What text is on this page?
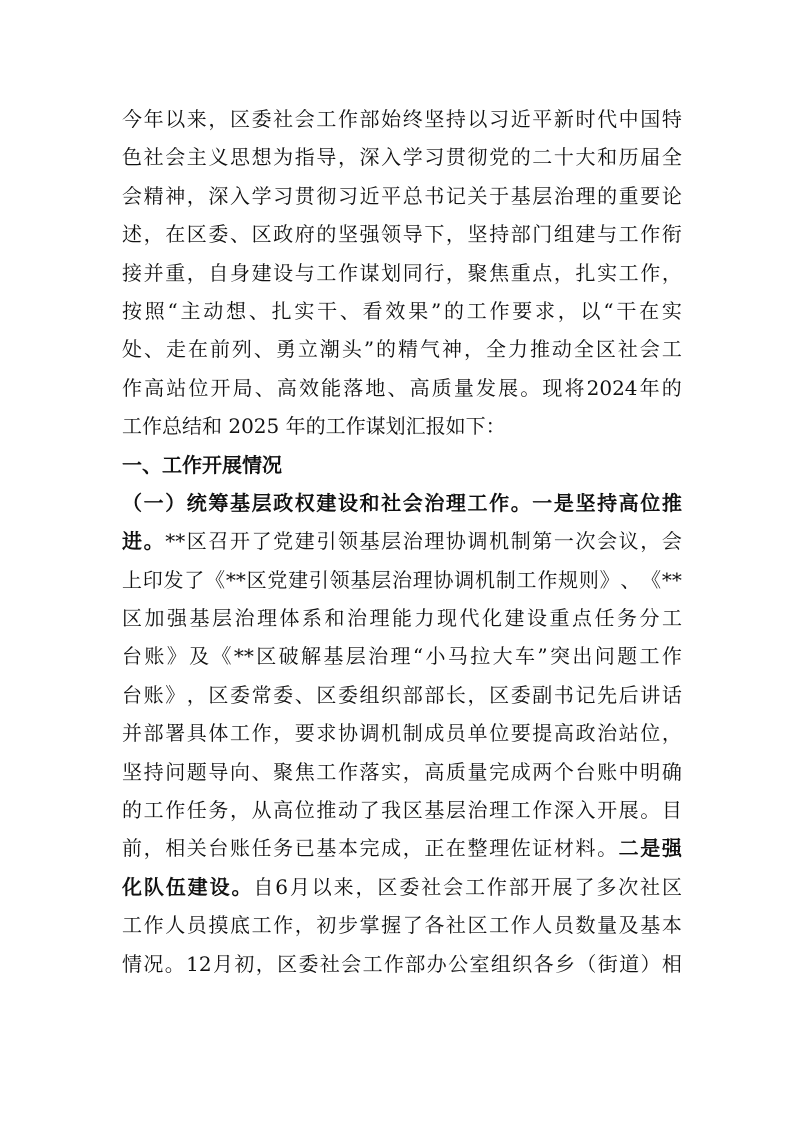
今 年 以 来 ， 区 委 社 会 工 作 部 始 终 坚 持 以 习 近 平 新 时 代 中 国 特
色 社 会 主 义 思 想 为 指 导 ， 深 入 学 习 贯 彻 党 的 二 十 大 和 历 届 全
会 精 神 ， 深 入 学 习 贯 彻 习 近 平 总 书 记 关 于 基 层 治 理 的 重 要 论
述 ， 在 区 委 、 区 政 府 的 坚 强 领 导 下 ， 坚 持 部 门 组 建 与 工 作 衔
接 并 重 ， 自 身 建 设 与 工 作 谋 划 同 行 ， 聚 焦 重 点 ， 扎 实 工 作 ，
按 照 “ 主 动 想 、 扎 实 干 、 看 效 果 ” 的 工 作 要 求 ， 以 “ 干 在 实
处 、 走 在 前 列 、 勇 立 潮 头 ” 的 精 气 神 ， 全 力 推 动 全 区 社 会 工
作 高 站 位 开 局 、 高 效 能 落 地 、 高 质 量 发 展 。 现 将 2024 年 的
工作总结和 2025 年的工作谋划汇报如下：
一、工作开展情况
（ 一 ） 统 筹 基 层 政 权 建 设 和 社 会 治 理 工 作 。 一 是 坚 持 高 位 推
进 。 ** 区 召 开 了 党 建 引 领 基 层 治 理 协 调 机 制 第 一 次 会 议 ， 会
上 印 发 了 《 ** 区 党 建 引 领 基 层 治 理 协 调 机 制 工 作 规 则 》 、 《 **
区 加 强 基 层 治 理 体 系 和 治 理 能 力 现 代 化 建 设 重 点 任 务 分 工
台 账 》 及 《 ** 区 破 解 基 层 治 理 “ 小 马 拉 大 车 ” 突 出 问 题 工 作
台 账 》 ， 区 委 常 委 、 区 委 组 织 部 部 长 ， 区 委 副 书 记 先 后 讲 话
并 部 署 具 体 工 作 ， 要 求 协 调 机 制 成 员 单 位 要 提 高 政 治 站 位 ，
坚 持 问 题 导 向 、 聚 焦 工 作 落 实 ， 高 质 量 完 成 两 个 台 账 中 明 确
的 工 作 任 务 ， 从 高 位 推 动 了 我 区 基 层 治 理 工 作 深 入 开 展 。 目
前 ， 相 关 台 账 任 务 已 基 本 完 成 ， 正 在 整 理 佐 证 材 料 。 二 是 强
化 队 伍 建 设 。 自 6 月 以 来 ， 区 委 社 会 工 作 部 开 展 了 多 次 社 区
工 作 人 员 摸 底 工 作 ， 初 步 掌 握 了 各 社 区 工 作 人 员 数 量 及 基 本
情 况 。 12 月 初 ， 区 委 社 会 工 作 部 办 公 室 组 织 各 乡 （ 街 道 ） 相
